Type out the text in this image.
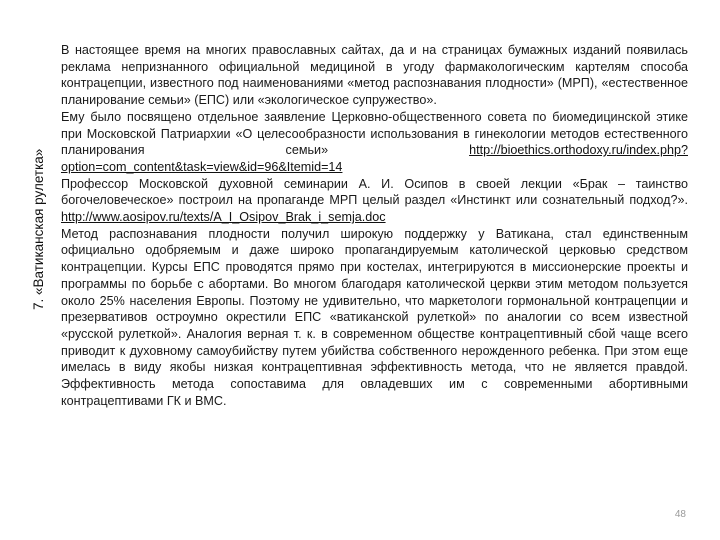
7. «Ватиканская рулетка»

В настоящее время на многих православных сайтах, да и на страницах бумажных изданий появилась реклама непризнанного официальной медициной в угоду фармакологическим картелям способа контрацепции, известного под наименованиями «метод распознавания плодности» (МРП), «естественное планирование семьи» (ЕПС) или «экологическое супружество».

Ему было посвящено отдельное заявление Церковно-общественного совета по биомедицинской этике при Московской Патриархии «О целесообразности использования в гинекологии методов естественного планирования семьи»	http://bioethics.orthodoxy.ru/index.php?option=com_content&task=view&id=96&Itemid=14

Профессор Московской духовной семинарии А. И. Осипов в своей лекции «Брак – таинство богочеловеческое» построил на пропаганде МРП целый раздел «Инстинкт или сознательный подход?». http://www.aosipov.ru/texts/A_I_Osipov_Brak_i_semja.doc

Метод распознавания плодности получил широкую поддержку у Ватикана, стал единственным официально одобряемым и даже широко пропагандируемым католической церковью средством контрацепции. Курсы ЕПС проводятся прямо при костелах, интегрируются в миссионерские проекты и программы по борьбе с абортами. Во многом благодаря католической церкви этим методом пользуется около 25% населения Европы. Поэтому не удивительно, что маркетологи гормональной контрацепции и презервативов остроумно окрестили ЕПС «ватиканской рулеткой» по аналогии со всем известной «русской рулеткой». Аналогия верная т. к. в современном обществе контрацептивный сбой чаще всего приводит к духовному самоубийству путем убийства собственного нерожденного ребенка. При этом еще имелась в виду якобы низкая контрацептивная эффективность метода, что не является правдой. Эффективность метода сопоставима для овладевших им с современными абортивными контрацептивами ГК и ВМС.

48
